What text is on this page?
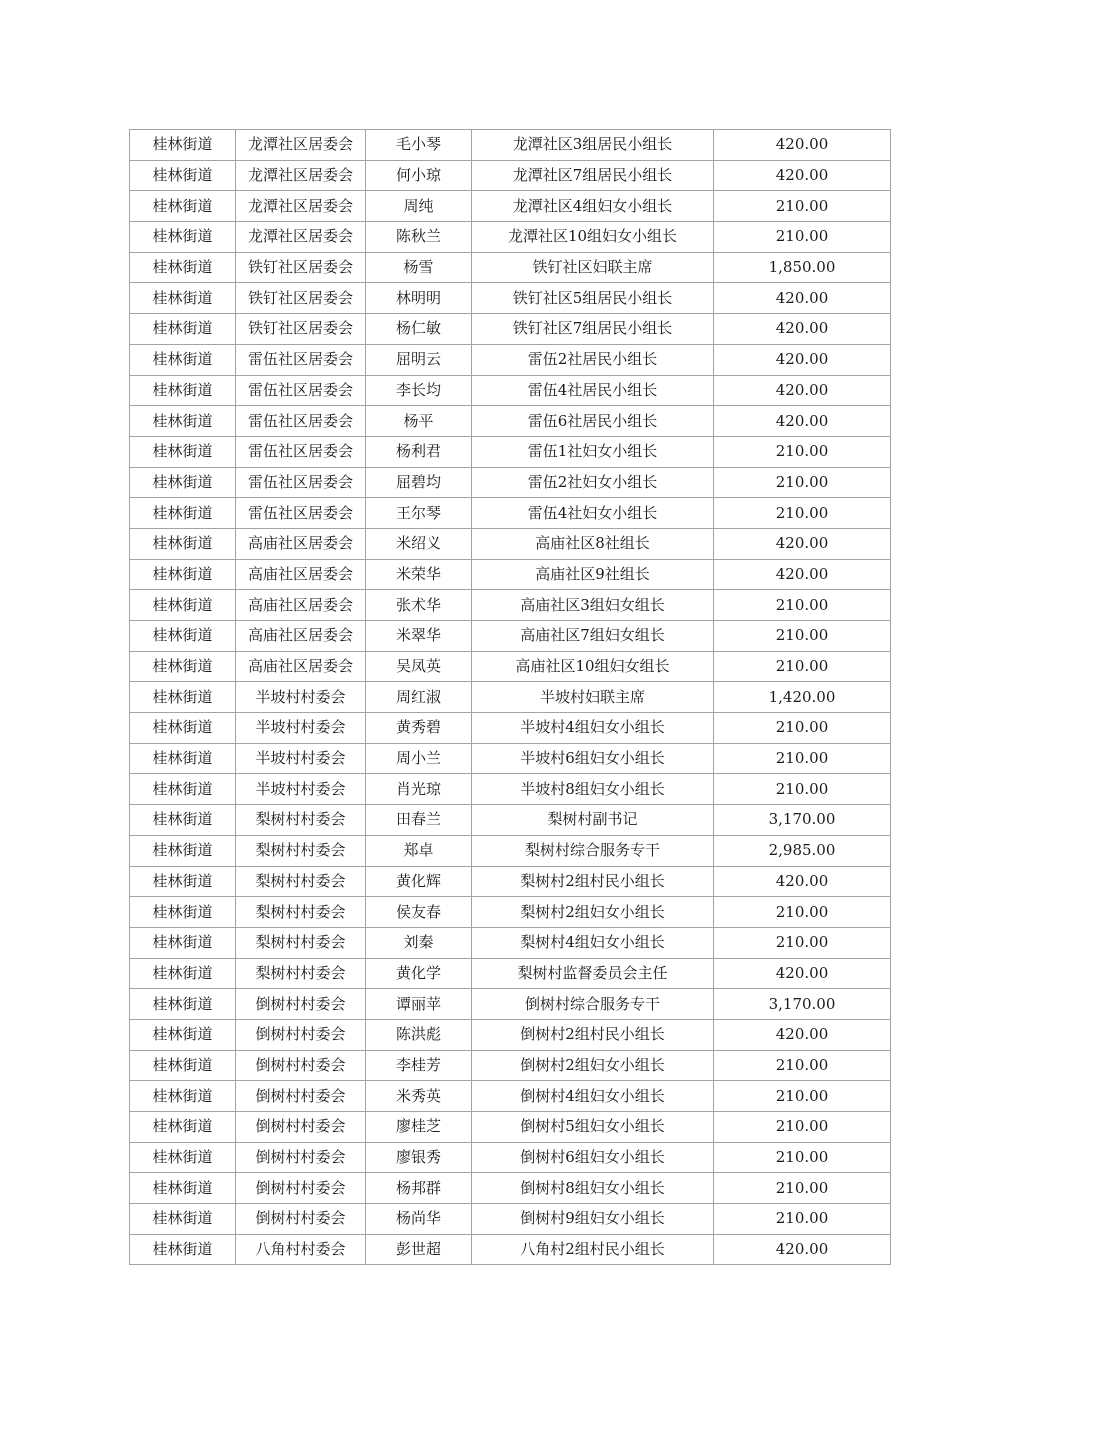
桂林街道	龙潭社区居委会	毛小琴	龙潭社区3组居民小组长	420.00
桂林街道	龙潭社区居委会	何小琼	龙潭社区7组居民小组长	420.00
桂林街道	龙潭社区居委会	周纯	龙潭社区4组妇女小组长	210.00
桂林街道	龙潭社区居委会	陈秋兰	龙潭社区10组妇女小组长	210.00
桂林街道	铁钉社区居委会	杨雪	铁钉社区妇联主席	1,850.00
桂林街道	铁钉社区居委会	林明明	铁钉社区5组居民小组长	420.00
桂林街道	铁钉社区居委会	杨仁敏	铁钉社区7组居民小组长	420.00
桂林街道	雷伍社区居委会	屈明云	雷伍2社居民小组长	420.00
桂林街道	雷伍社区居委会	李长均	雷伍4社居民小组长	420.00
桂林街道	雷伍社区居委会	杨平	雷伍6社居民小组长	420.00
桂林街道	雷伍社区居委会	杨利君	雷伍1社妇女小组长	210.00
桂林街道	雷伍社区居委会	屈碧均	雷伍2社妇女小组长	210.00
桂林街道	雷伍社区居委会	王尔琴	雷伍4社妇女小组长	210.00
桂林街道	高庙社区居委会	米绍义	高庙社区8社组长	420.00
桂林街道	高庙社区居委会	米荣华	高庙社区9社组长	420.00
桂林街道	高庙社区居委会	张术华	高庙社区3组妇女组长	210.00
桂林街道	高庙社区居委会	米翠华	高庙社区7组妇女组长	210.00
桂林街道	高庙社区居委会	吴凤英	高庙社区10组妇女组长	210.00
桂林街道	半坡村村委会	周红淑	半坡村妇联主席	1,420.00
桂林街道	半坡村村委会	黄秀碧	半坡村4组妇女小组长	210.00
桂林街道	半坡村村委会	周小兰	半坡村6组妇女小组长	210.00
桂林街道	半坡村村委会	肖光琼	半坡村8组妇女小组长	210.00
桂林街道	梨树村村委会	田春兰	梨树村副书记	3,170.00
桂林街道	梨树村村委会	郑卓	梨树村综合服务专干	2,985.00
桂林街道	梨树村村委会	黄化辉	梨树村2组村民小组长	420.00
桂林街道	梨树村村委会	侯友春	梨树村2组妇女小组长	210.00
桂林街道	梨树村村委会	刘秦	梨树村4组妇女小组长	210.00
桂林街道	梨树村村委会	黄化学	梨树村监督委员会主任	420.00
桂林街道	倒树村村委会	谭丽苹	倒树村综合服务专干	3,170.00
桂林街道	倒树村村委会	陈洪彪	倒树村2组村民小组长	420.00
桂林街道	倒树村村委会	李桂芳	倒树村2组妇女小组长	210.00
桂林街道	倒树村村委会	米秀英	倒树村4组妇女小组长	210.00
桂林街道	倒树村村委会	廖桂芝	倒树村5组妇女小组长	210.00
桂林街道	倒树村村委会	廖银秀	倒树村6组妇女小组长	210.00
桂林街道	倒树村村委会	杨邦群	倒树村8组妇女小组长	210.00
桂林街道	倒树村村委会	杨尚华	倒树村9组妇女小组长	210.00
桂林街道	八角村村委会	彭世超	八角村2组村民小组长	420.00
